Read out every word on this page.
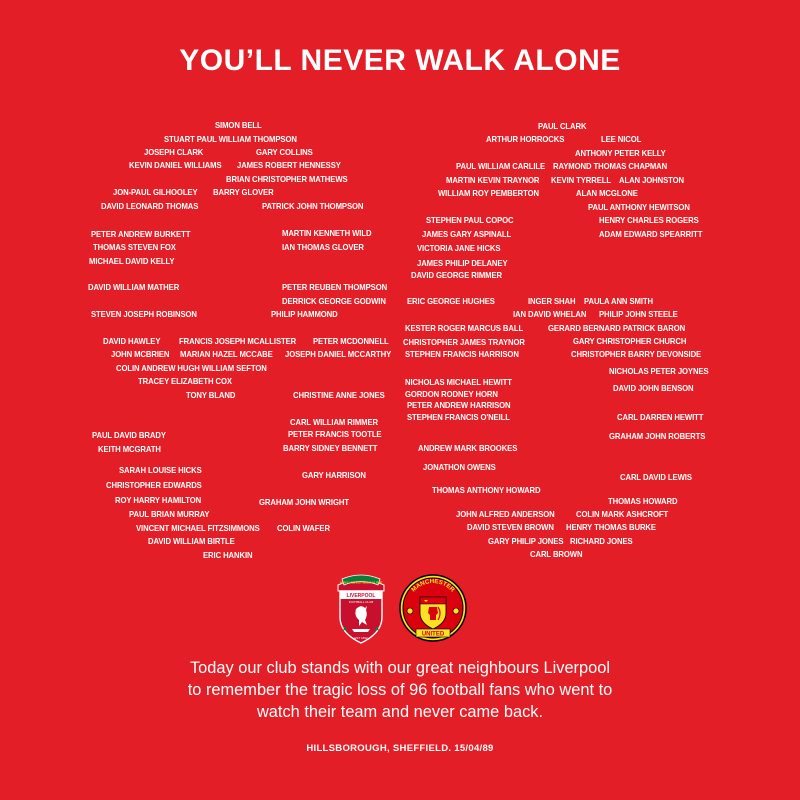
YOU’LL NEVER WALK ALONE
SIMON BELL
STUART PAUL WILLIAM THOMPSON
JOSEPH CLARK	GARY COLLINS
KEVIN DANIEL WILLIAMS JAMES ROBERT HENNESSY
BRIAN CHRISTOPHER MATHEWS
JON-PAUL GILHOOLEY BARRY GLOVER
DAVID LEONARD THOMAS	PATRICK JOHN THOMPSON
PETER ANDREW BURKETT	MARTIN KENNETH WILD
THOMAS STEVEN FOX	IAN THOMAS GLOVER
MICHAEL DAVID KELLY
DAVID WILLIAM MATHER	PETER REUBEN THOMPSON
DERRICK GEORGE GODWIN
STEVEN JOSEPH ROBINSON	PHILIP HAMMOND
DAVID HAWLEY FRANCIS JOSEPH MCALLISTER PETER MCDONNELL
JOHN MCBRIEN MARIAN HAZEL MCCABE JOSEPH DANIEL MCCARTHY
COLIN ANDREW HUGH WILLIAM SEFTON
TRACEY ELIZABETH COX
TONY BLAND	CHRISTINE ANNE JONES
CARL WILLIAM RIMMER
PAUL DAVID BRADY	PETER FRANCIS TOOTLE
KEITH MCGRATH	BARRY SIDNEY BENNETT
SARAH LOUISE HICKS	GARY HARRISON
CHRISTOPHER EDWARDS
ROY HARRY HAMILTON	GRAHAM JOHN WRIGHT
PAUL BRIAN MURRAY
VINCENT MICHAEL FITZSIMMONS COLIN WAFER
DAVID WILLIAM BIRTLE
ERIC HANKIN
PAUL CLARK
ARTHUR HORROCKS	LEE NICOL
ANTHONY PETER KELLY
PAUL WILLIAM CARLILE RAYMOND THOMAS CHAPMAN
MARTIN KEVIN TRAYNOR KEVIN TYRRELL ALAN JOHNSTON
WILLIAM ROY PEMBERTON	ALAN MCGLONE
PAUL ANTHONY HEWITSON
STEPHEN PAUL COPOC	HENRY CHARLES ROGERS
JAMES GARY ASPINALL	ADAM EDWARD SPEARRITT
VICTORIA JANE HICKS
JAMES PHILIP DELANEY
DAVID GEORGE RIMMER
ERIC GEORGE HUGHES	INGER SHAH PAULA ANN SMITH
IAN DAVID WHELAN PHILIP JOHN STEELE
KESTER ROGER MARCUS BALL	GERARD BERNARD PATRICK BARON
CHRISTOPHER JAMES TRAYNOR	GARY CHRISTOPHER CHURCH
STEPHEN FRANCIS HARRISON	CHRISTOPHER BARRY DEVONSIDE
NICHOLAS PETER JOYNES
NICHOLAS MICHAEL HEWITT
DAVID JOHN BENSON
GORDON RODNEY HORN
PETER ANDREW HARRISON
STEPHEN FRANCIS O'NEILL	CARL DARREN HEWITT
GRAHAM JOHN ROBERTS
ANDREW MARK BROOKES
JONATHON OWENS
CARL DAVID LEWIS
THOMAS ANTHONY HOWARD
THOMAS HOWARD
JOHN ALFRED ANDERSON	COLIN MARK ASHCROFT
DAVID STEVEN BROWN HENRY THOMAS BURKE
GARY PHILIP JONES RICHARD JONES
CARL BROWN
YOU'LL NEVER WALK ALONE
LIVERPOOL
FOOTBALL CLUB
EST 1892
MANCHESTER
UNITED
Today our club stands with our great neighbours Liverpool
to remember the tragic loss of 96 football fans who went to
watch their team and never came back.
HILLSBOROUGH, SHEFFIELD. 15/04/89
